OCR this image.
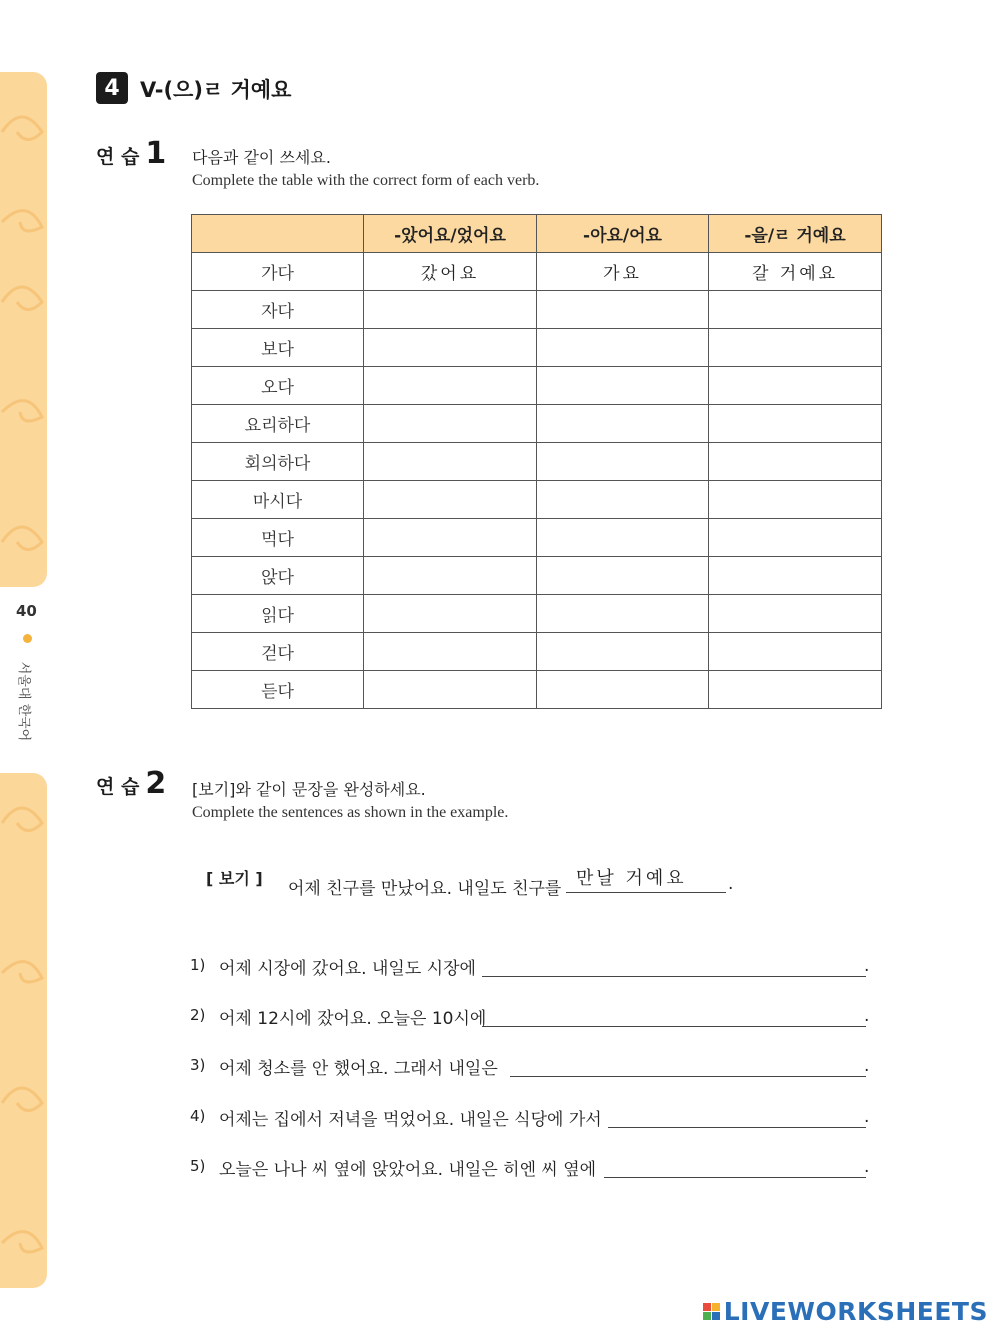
40
서울대 한국어
4 V-(으)ㄹ 거예요
연 습 1 다음과 같이 쓰세요.
Complete the table with the correct form of each verb.
	-았어요/었어요	-아요/어요	-을/ㄹ 거예요
가다	갔어요	가요	갈 거예요
자다			
보다			
오다			
요리하다			
회의하다			
마시다			
먹다			
앉다			
읽다			
걷다			
듣다			
연 습 2 [보기]와 같이 문장을 완성하세요.
Complete the sentences as shown in the example.
[ 보기 ]
어제 친구를 만났어요. 내일도 친구를 만날 거예요 .
1) 어제 시장에 갔어요. 내일도 시장에	.
2) 어제 12시에 잤어요. 오늘은 10시에	.
3) 어제 청소를 안 했어요. 그래서 내일은	.
4) 어제는 집에서 저녁을 먹었어요. 내일은 식당에 가서	.
5) 오늘은 나나 씨 옆에 앉았어요. 내일은 히엔 씨 옆에	.
LIVEWORKSHEETS
